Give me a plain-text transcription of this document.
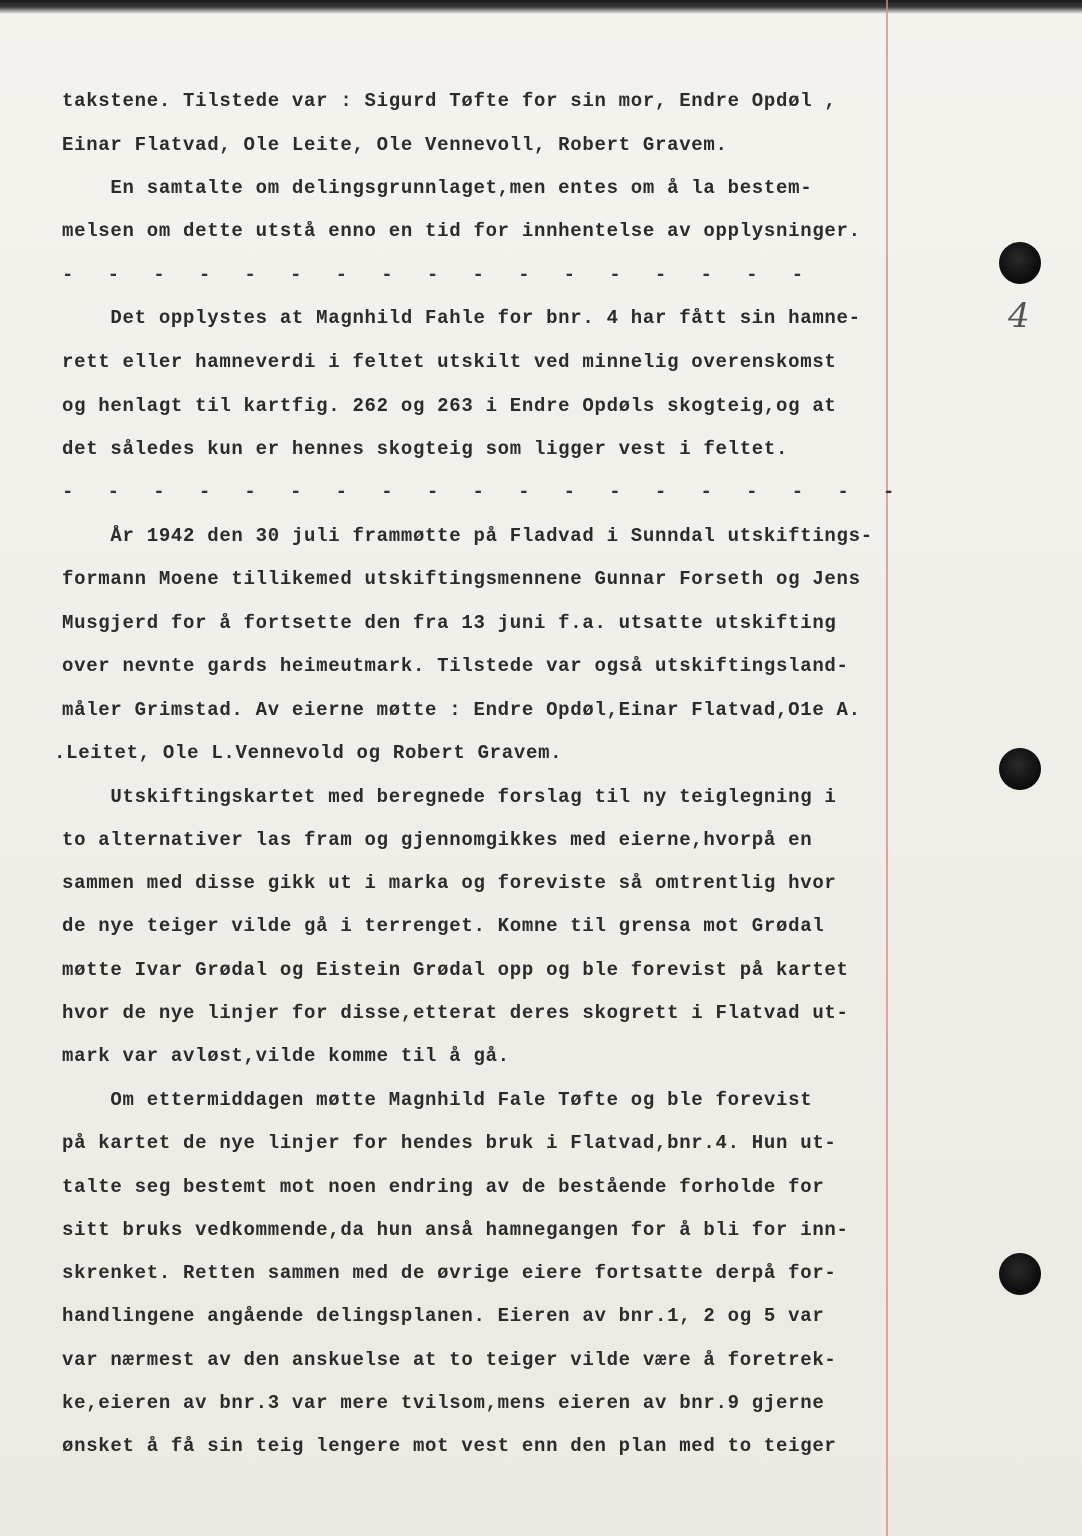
4
takstene. Tilstede var : Sigurd Tøfte for sin mor, Endre Opdøl ,
Einar Flatvad, Ole Leite, Ole Vennevoll, Robert Gravem.
En samtalte om delingsgrunnlaget,men entes om å la bestem-
melsen om dette utstå enno en tid for innhentelse av opplysninger.
-   -   -   -   -   -   -   -   -   -   -   -   -   -   -   -   -
Det opplystes at Magnhild Fahle for bnr. 4 har fått sin hamne-
rett eller hamneverdi i feltet utskilt ved minnelig overenskomst
og henlagt til kartfig. 262 og 263 i Endre Opdøls skogteig,og at
det således kun er hennes skogteig som ligger vest i feltet.
-   -   -   -   -   -   -   -   -   -   -   -   -   -   -   -   -   -   -
År 1942 den 30 juli frammøtte på Fladvad i Sunndal utskiftings-
formann Moene tillikemed utskiftingsmennene Gunnar Forseth og Jens
Musgjerd for å fortsette den fra 13 juni f.a. utsatte utskifting
over nevnte gards heimeutmark. Tilstede var også utskiftingsland-
måler Grimstad. Av eierne møtte : Endre Opdøl,Einar Flatvad,O1e A.
.Leitet, Ole L.Vennevold og Robert Gravem.
Utskiftingskartet med beregnede forslag til ny teiglegning i
to alternativer las fram og gjennomgikkes med eierne,hvorpå en
sammen med disse gikk ut i marka og foreviste så omtrentlig hvor
de nye teiger vilde gå i terrenget. Komne til grensa mot Grødal
møtte Ivar Grødal og Eistein Grødal opp og ble forevist på kartet
hvor de nye linjer for disse,etterat deres skogrett i Flatvad ut-
mark var avløst,vilde komme til å gå.
Om ettermiddagen møtte Magnhild Fale Tøfte og ble forevist
på kartet de nye linjer for hendes bruk i Flatvad,bnr.4. Hun ut-
talte seg bestemt mot noen endring av de bestående forholde for
sitt bruks vedkommende,da hun anså hamnegangen for å bli for inn-
skrenket. Retten sammen med de øvrige eiere fortsatte derpå for-
handlingene angående delingsplanen. Eieren av bnr.1, 2 og 5 var
var nærmest av den anskuelse at to teiger vilde være å foretrek-
ke,eieren av bnr.3 var mere tvilsom,mens eieren av bnr.9 gjerne
ønsket å få sin teig lengere mot vest enn den plan med to teiger
